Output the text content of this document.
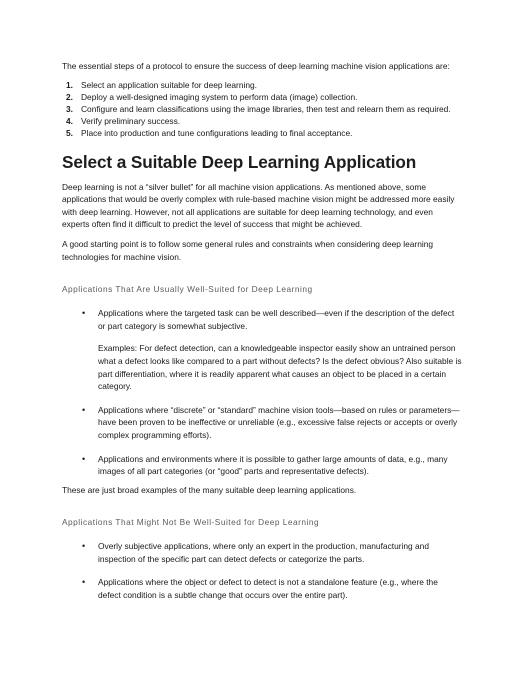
The essential steps of a protocol to ensure the success of deep learning machine vision applications are:

1. Select an application suitable for deep learning.
2. Deploy a well-designed imaging system to perform data (image) collection.
3. Configure and learn classifications using the image libraries, then test and relearn them as required.
4. Verify preliminary success.
5. Place into production and tune configurations leading to final acceptance.
Select a Suitable Deep Learning Application

Deep learning is not a “silver bullet” for all machine vision applications. As mentioned above, some applications that would be overly complex with rule-based machine vision might be addressed more easily with deep learning. However, not all applications are suitable for deep learning technology, and even experts often find it difficult to predict the level of success that might be achieved.

A good starting point is to follow some general rules and constraints when considering deep learning technologies for machine vision.

Applications That Are Usually Well-Suited for Deep Learning
• Applications where the targeted task can be well described—even if the description of the defect or part category is somewhat subjective.

Examples: For defect detection, can a knowledgeable inspector easily show an untrained person what a defect looks like compared to a part without defects? Is the defect obvious? Also suitable is part differentiation, where it is readily apparent what causes an object to be placed in a certain category.

• Applications where “discrete” or “standard” machine vision tools—based on rules or parameters—have been proven to be ineffective or unreliable (e.g., excessive false rejects or accepts or overly complex programming efforts).

• Applications and environments where it is possible to gather large amounts of data, e.g., many images of all part categories (or “good” parts and representative defects).

These are just broad examples of the many suitable deep learning applications.

Applications That Might Not Be Well-Suited for Deep Learning
• Overly subjective applications, where only an expert in the production, manufacturing and inspection of the specific part can detect defects or categorize the parts.

• Applications where the object or defect to detect is not a standalone feature (e.g., where the defect condition is a subtle change that occurs over the entire part).
